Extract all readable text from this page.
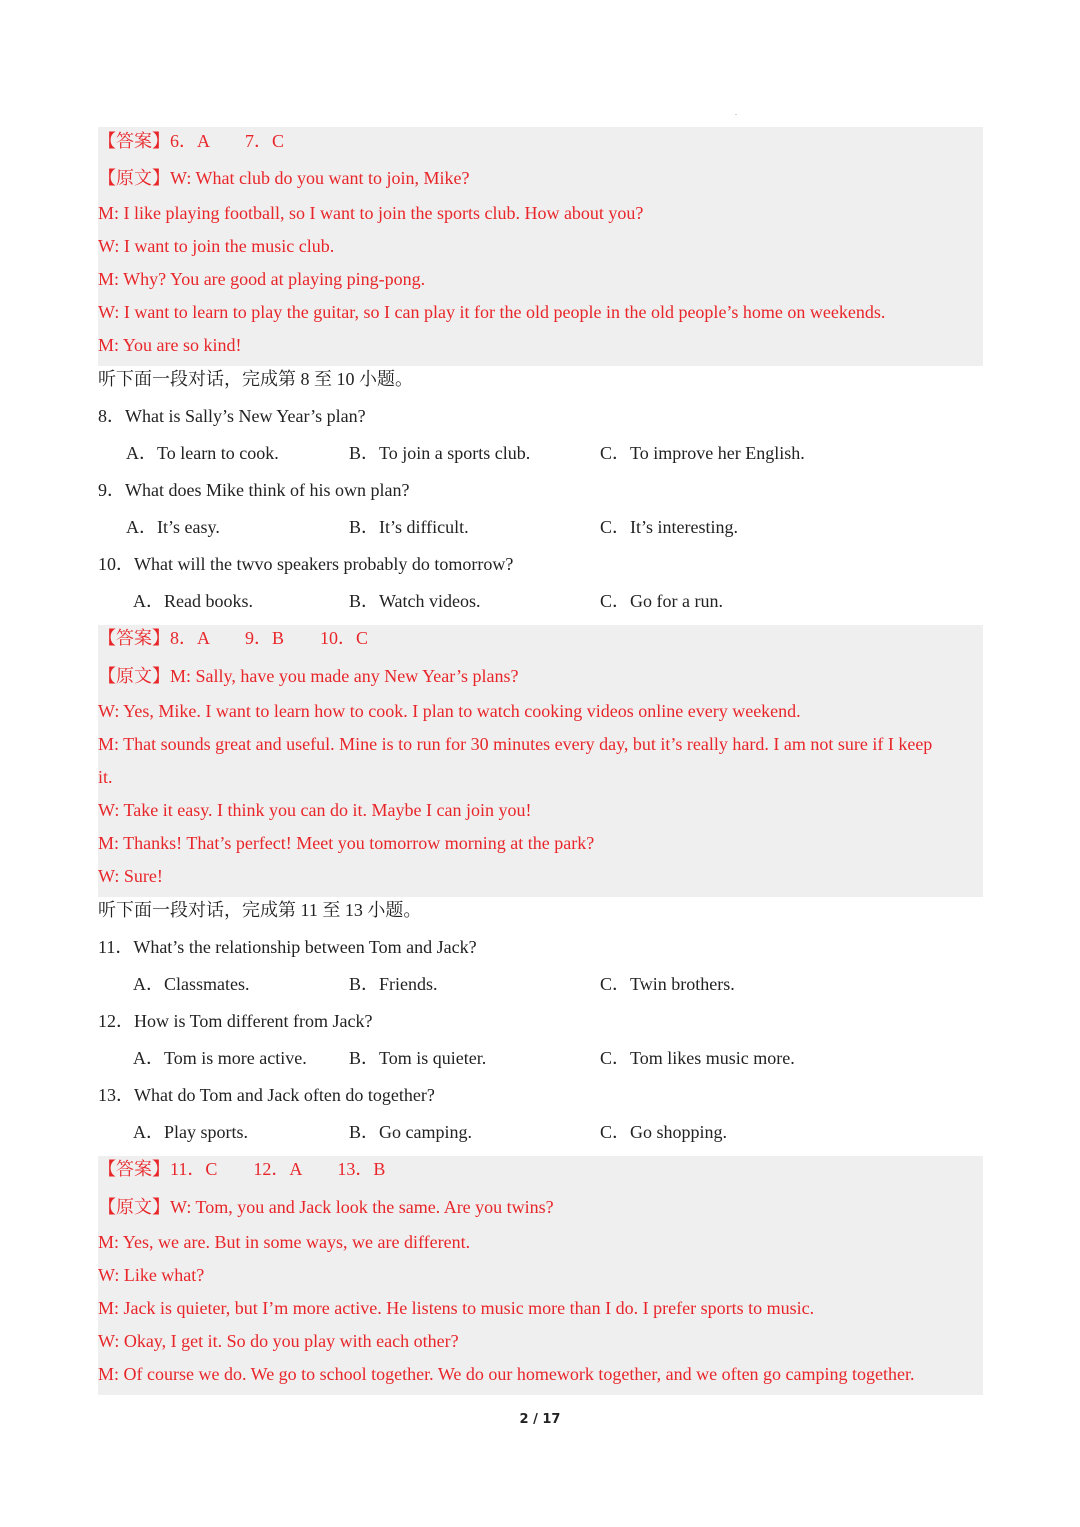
.
【答案】6．A　　7．C
【原文】W: What club do you want to join, Mike?
M: I like playing football, so I want to join the sports club. How about you?
W: I want to join the music club.
M: Why? You are good at playing ping-pong.
W: I want to learn to play the guitar, so I can play it for the old people in the old people’s home on weekends.
M: You are so kind!
听下面一段对话，完成第 8 至 10 小题。
8．What is Sally’s New Year’s plan?
A．To learn to cook.	B．To join a sports club.	C．To improve her English.
9．What does Mike think of his own plan?
A．It’s easy.	B．It’s difficult.	C．It’s interesting.
10．What will the twvo speakers probably do tomorrow?
A．Read books.	B．Watch videos.	C．Go for a run.
【答案】8．A　　9．B　　10．C
【原文】M: Sally, have you made any New Year’s plans?
W: Yes, Mike. I want to learn how to cook. I plan to watch cooking videos online every weekend.
M: That sounds great and useful. Mine is to run for 30 minutes every day, but it’s really hard. I am not sure if I keep
it.
W: Take it easy. I think you can do it. Maybe I can join you!
M: Thanks! That’s perfect! Meet you tomorrow morning at the park?
W: Sure!
听下面一段对话，完成第 11 至 13 小题。
11．What’s the relationship between Tom and Jack?
A．Classmates.	B．Friends.	C．Twin brothers.
12．How is Tom different from Jack?
A．Tom is more active. B．Tom is quieter.	C．Tom likes music more.
13．What do Tom and Jack often do together?
A．Play sports.	B．Go camping.	C．Go shopping.
【答案】11．C　　12．A　　13．B
【原文】W: Tom, you and Jack look the same. Are you twins?
M: Yes, we are. But in some ways, we are different.
W: Like what?
M: Jack is quieter, but I’m more active. He listens to music more than I do. I prefer sports to music.
W: Okay, I get it. So do you play with each other?
M: Of course we do. We go to school together. We do our homework together, and we often go camping together.
2 / 17
